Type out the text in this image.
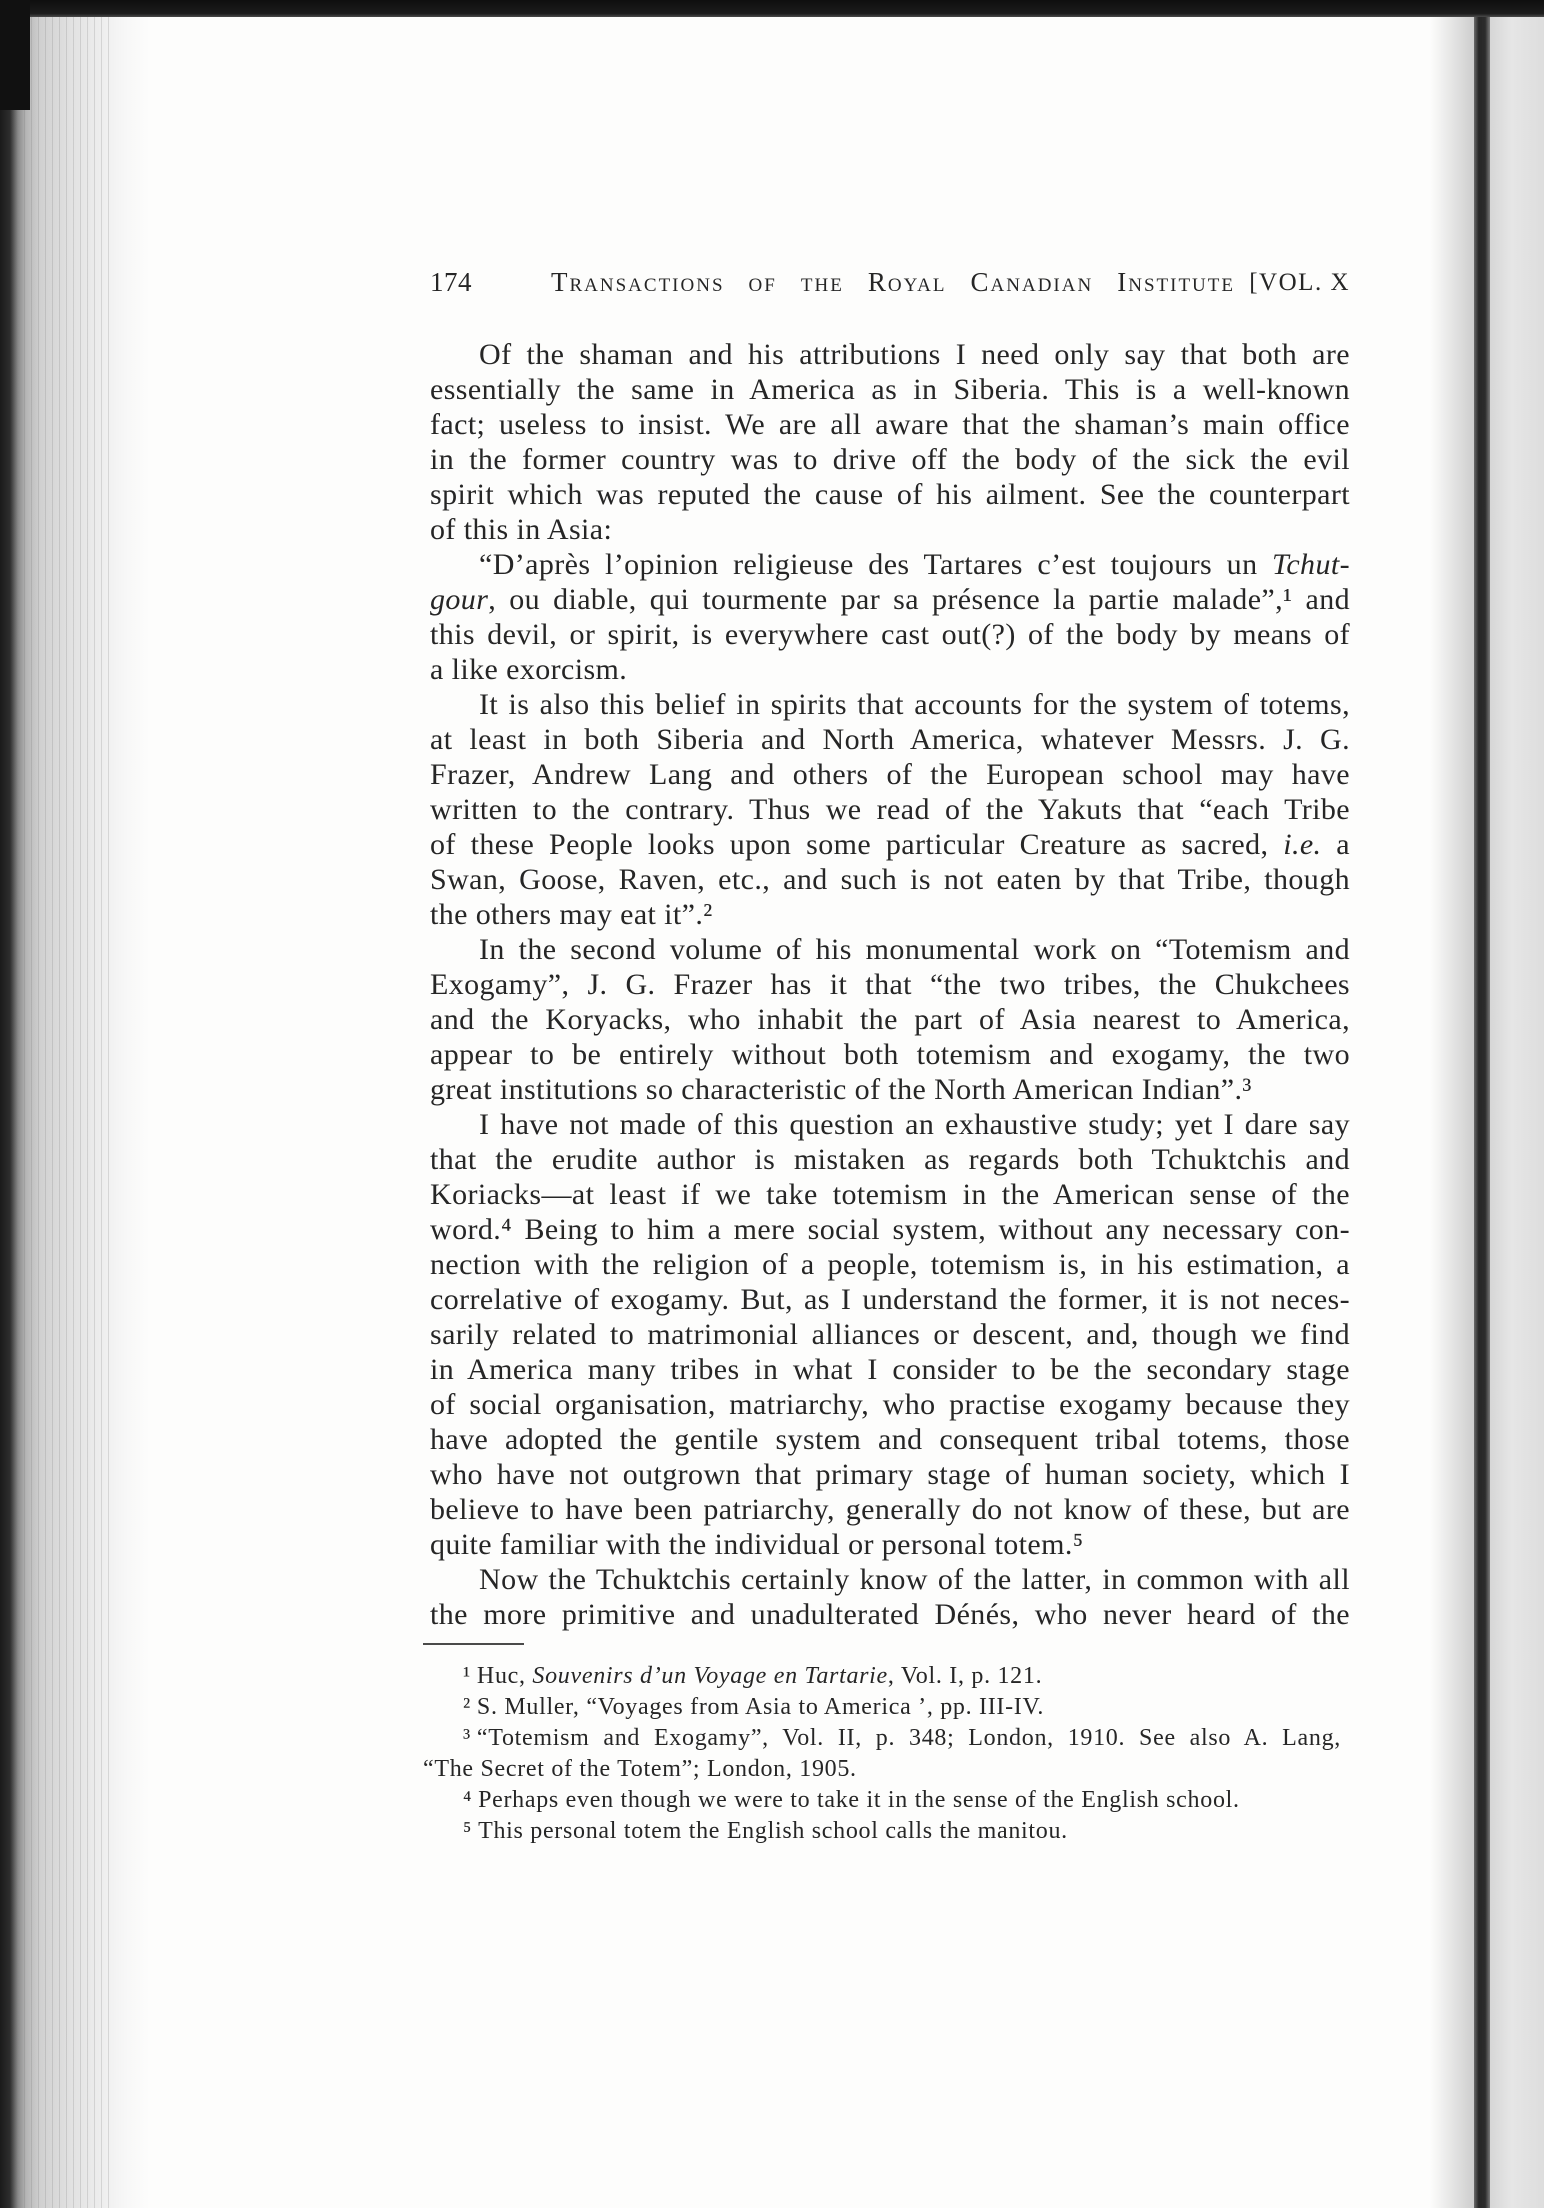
174	Transactions of the Royal Canadian Institute [VOL. X
Of the shaman and his attributions I need only say that both are
essentially the same in America as in Siberia. This is a well-known
fact; useless to insist. We are all aware that the shaman’s main office
in the former country was to drive off the body of the sick the evil
spirit which was reputed the cause of his ailment. See the counterpart
of this in Asia:
“D’après l’opinion religieuse des Tartares c’est toujours un Tchut-
gour, ou diable, qui tourmente par sa présence la partie malade”,¹ and
this devil, or spirit, is everywhere cast out(?) of the body by means of
a like exorcism.
It is also this belief in spirits that accounts for the system of totems,
at least in both Siberia and North America, whatever Messrs. J. G.
Frazer, Andrew Lang and others of the European school may have
written to the contrary. Thus we read of the Yakuts that “each Tribe
of these People looks upon some particular Creature as sacred, i.e. a
Swan, Goose, Raven, etc., and such is not eaten by that Tribe, though
the others may eat it”.²
In the second volume of his monumental work on “Totemism and
Exogamy”, J. G. Frazer has it that “the two tribes, the Chukchees
and the Koryacks, who inhabit the part of Asia nearest to America,
appear to be entirely without both totemism and exogamy, the two
great institutions so characteristic of the North American Indian”.³
I have not made of this question an exhaustive study; yet I dare say
that the erudite author is mistaken as regards both Tchuktchis and
Koriacks—at least if we take totemism in the American sense of the
word.⁴ Being to him a mere social system, without any necessary con-
nection with the religion of a people, totemism is, in his estimation, a
correlative of exogamy. But, as I understand the former, it is not neces-
sarily related to matrimonial alliances or descent, and, though we find
in America many tribes in what I consider to be the secondary stage
of social organisation, matriarchy, who practise exogamy because they
have adopted the gentile system and consequent tribal totems, those
who have not outgrown that primary stage of human society, which I
believe to have been patriarchy, generally do not know of these, but are
quite familiar with the individual or personal totem.⁵
Now the Tchuktchis certainly know of the latter, in common with all
the more primitive and unadulterated Dénés, who never heard of the
¹ Huc, Souvenirs d’un Voyage en Tartarie, Vol. I, p. 121.
² S. Muller, “Voyages from Asia to America ’, pp. III-IV.
³ “Totemism and Exogamy”, Vol. II, p. 348; London, 1910. See also A. Lang,
“The Secret of the Totem”; London, 1905.
⁴ Perhaps even though we were to take it in the sense of the English school.
⁵ This personal totem the English school calls the manitou.
